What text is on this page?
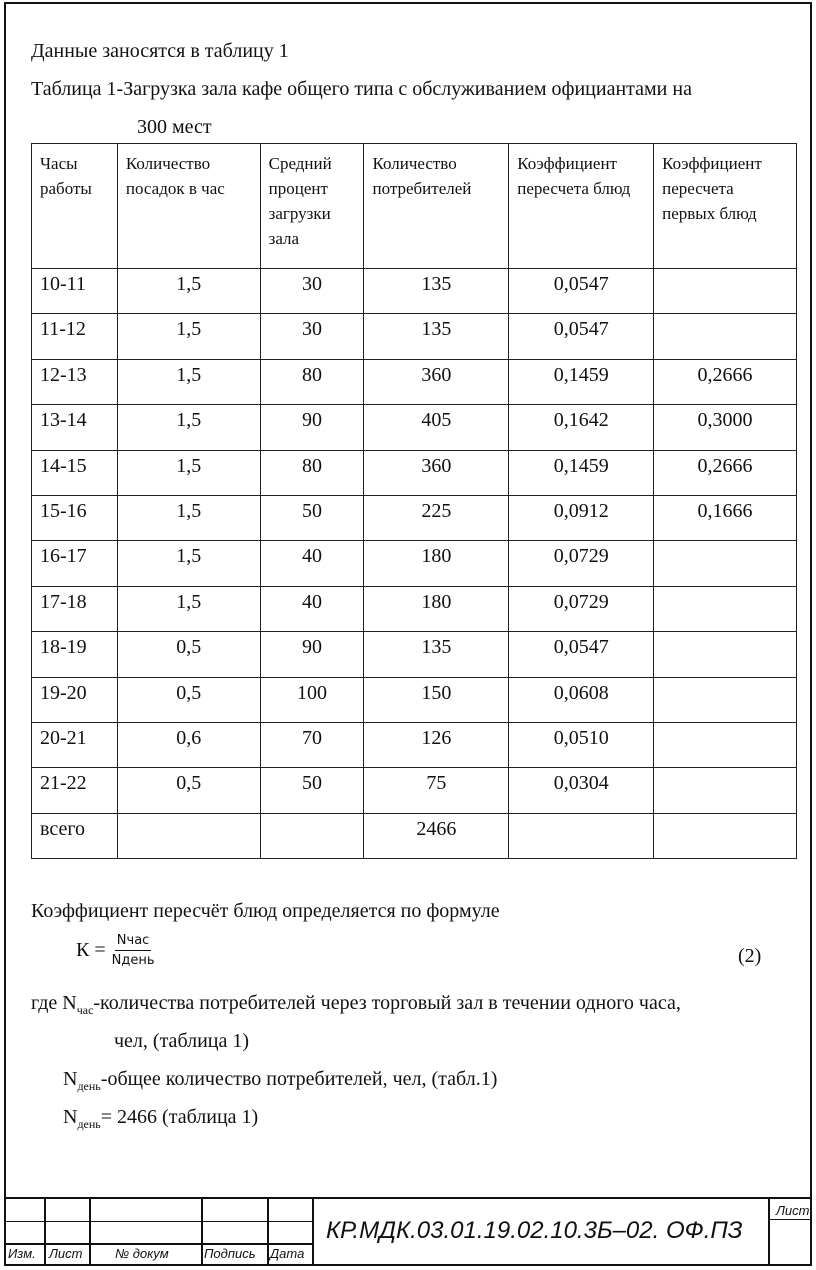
Данные заносятся в таблицу 1
Таблица 1-Загрузка зала кафе общего типа с обслуживанием официантами на
300 мест
Часы работы	Количество посадок в час	Средний процент загрузки зала	Количество потребителей	Коэффициент пересчета блюд	Коэффициент пересчета первых блюд
10-11	1,5	30	135	0,0547	
11-12	1,5	30	135	0,0547	
12-13	1,5	80	360	0,1459	0,2666
13-14	1,5	90	405	0,1642	0,3000
14-15	1,5	80	360	0,1459	0,2666
15-16	1,5	50	225	0,0912	0,1666
16-17	1,5	40	180	0,0729	
17-18	1,5	40	180	0,0729	
18-19	0,5	90	135	0,0547	
19-20	0,5	100	150	0,0608	
20-21	0,6	70	126	0,0510	
21-22	0,5	50	75	0,0304	
всего			2466		
Коэффициент пересчёт блюд определяется по формуле
$К = \frac{\text{Nчас}}{\text{Nдень}}$	(2)
где $N_{час}$-количества потребителей через торговый зал в течении одного часа,
чел, (таблица 1)
$N_{день}$-общее количество потребителей, чел, (табл.1)
$N_{день}= 2466$ (таблица 1)
Изм. Лист	№ докум	Подпись Дата
КР.МДК.03.01.19.02.10.3Б–02. ОФ.ПЗ
Лист
